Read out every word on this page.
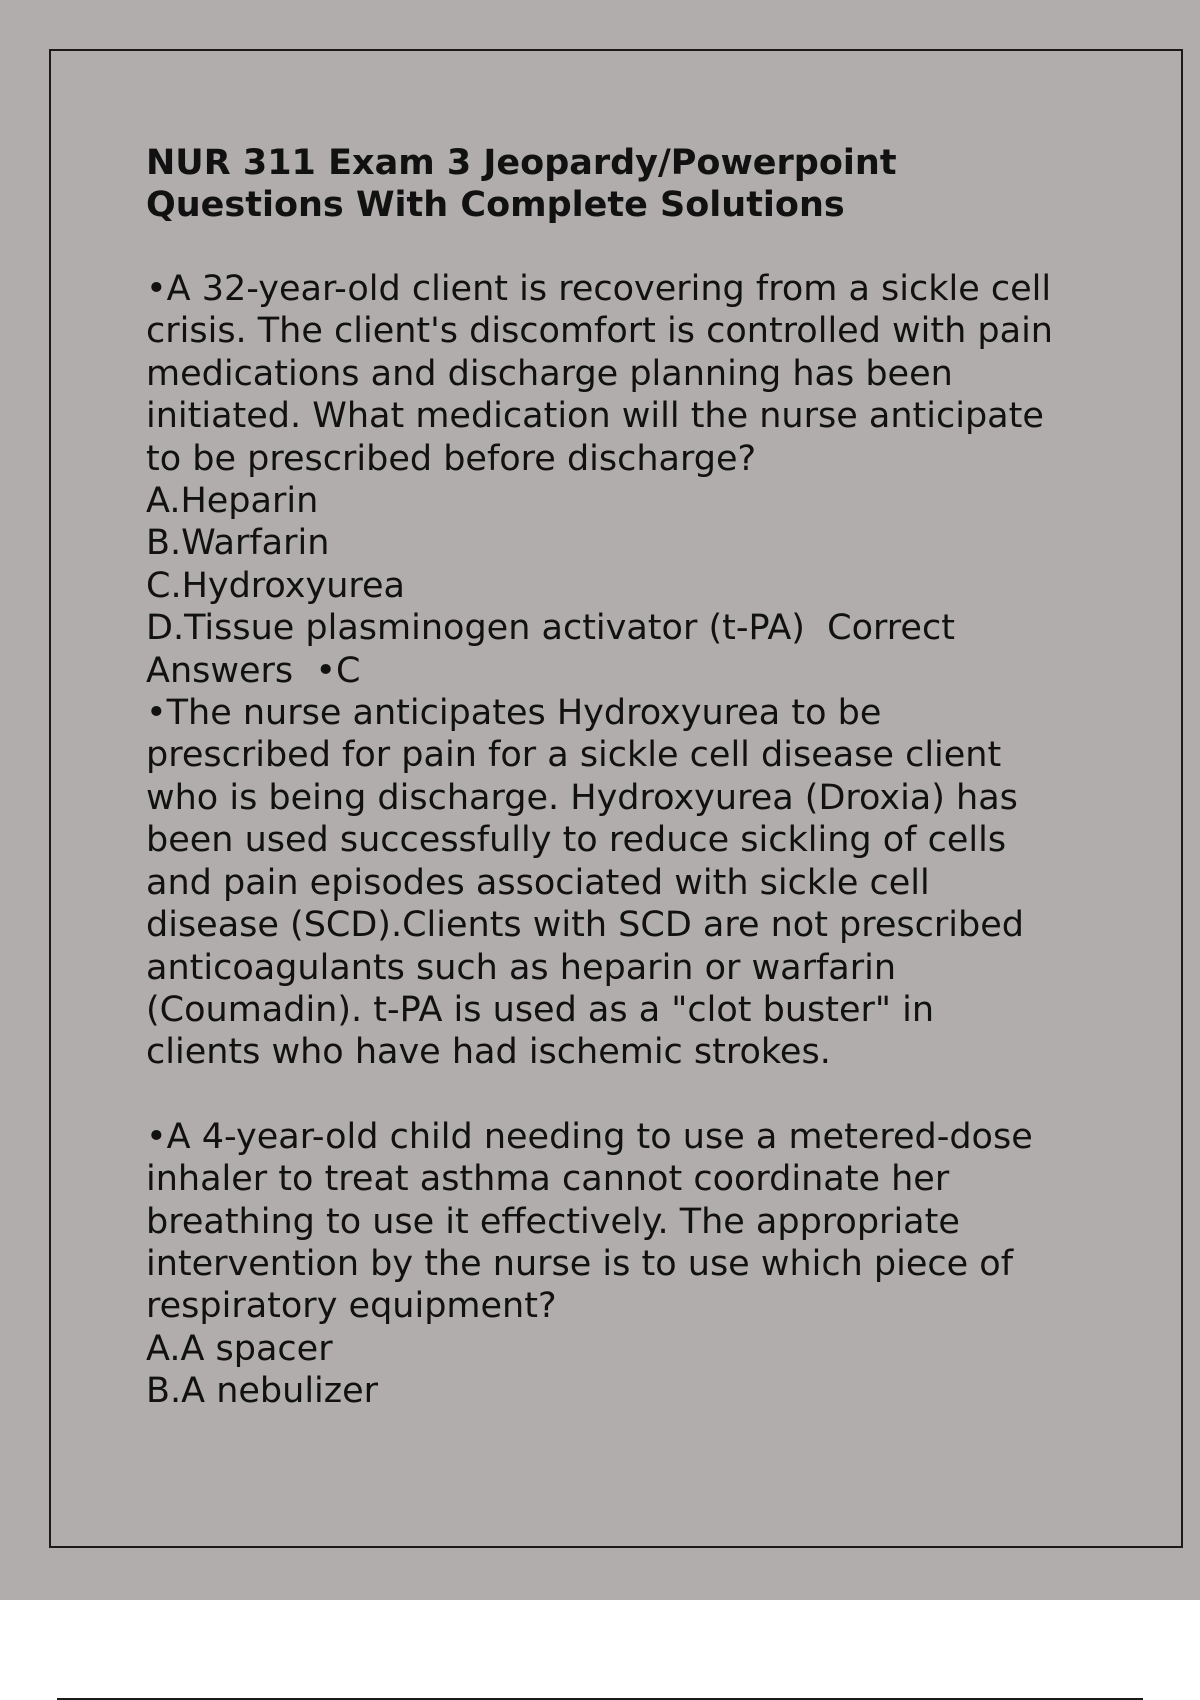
NUR 311 Exam 3 Jeopardy/Powerpoint
Questions With Complete Solutions

•A 32-year-old client is recovering from a sickle cell

crisis. The client's discomfort is controlled with pain

medications and discharge planning has been

initiated. What medication will the nurse anticipate

to be prescribed before discharge?

A.Heparin

B.Warfarin

C.Hydroxyurea

D.Tissue plasminogen activator (t-PA)  Correct

Answers  •C

•The nurse anticipates Hydroxyurea to be

prescribed for pain for a sickle cell disease client

who is being discharge. Hydroxyurea (Droxia) has

been used successfully to reduce sickling of cells

and pain episodes associated with sickle cell

disease (SCD).Clients with SCD are not prescribed

anticoagulants such as heparin or warfarin

(Coumadin). t-PA is used as a "clot buster" in

clients who have had ischemic strokes.

•A 4-year-old child needing to use a metered-dose

inhaler to treat asthma cannot coordinate her

breathing to use it effectively. The appropriate

intervention by the nurse is to use which piece of

respiratory equipment?

A.A spacer

B.A nebulizer
